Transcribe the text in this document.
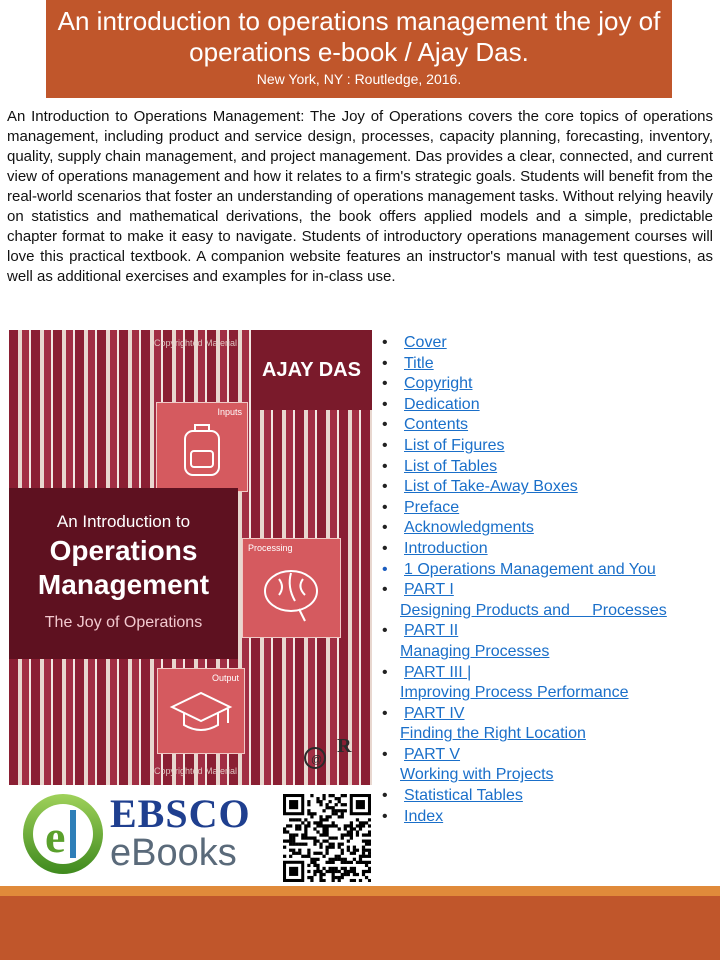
An introduction to operations management the joy of operations e-book / Ajay Das.
New York, NY : Routledge, 2016.
An Introduction to Operations Management: The Joy of Operations covers the core topics of operations management, including product and service design, processes, capacity planning, forecasting, inventory, quality, supply chain management, and project management. Das provides a clear, connected, and current view of operations management and how it relates to a firm's strategic goals. Students will benefit from the real-world scenarios that foster an understanding of operations management tasks. Without relying heavily on statistics and mathematical derivations, the book offers applied models and a simple, predictable chapter format to make it easy to navigate. Students of introductory operations management courses will love this practical textbook. A companion website features an instructor's manual with test questions, as well as additional exercises and examples for in-class use.
Copyrighted Material
AJAY DAS
Inputs
An Introduction to
Operations
Management
The Joy of Operations
Processing
Output
Copyrighted Material
@
R
• Cover
• Title
• Copyright
• Dedication
• Contents
• List of Figures
• List of Tables
• List of Take-Away Boxes
• Preface
• Acknowledgments
• Introduction
• 1 Operations Management and You
• PART I
Designing Products and     Processes
• PART II
Managing Processes
• PART III |
Improving Process Performance
• PART IV
Finding the Right Location
• PART V
Working with Projects
• Statistical Tables
• Index
e EBSCO
eBooks
